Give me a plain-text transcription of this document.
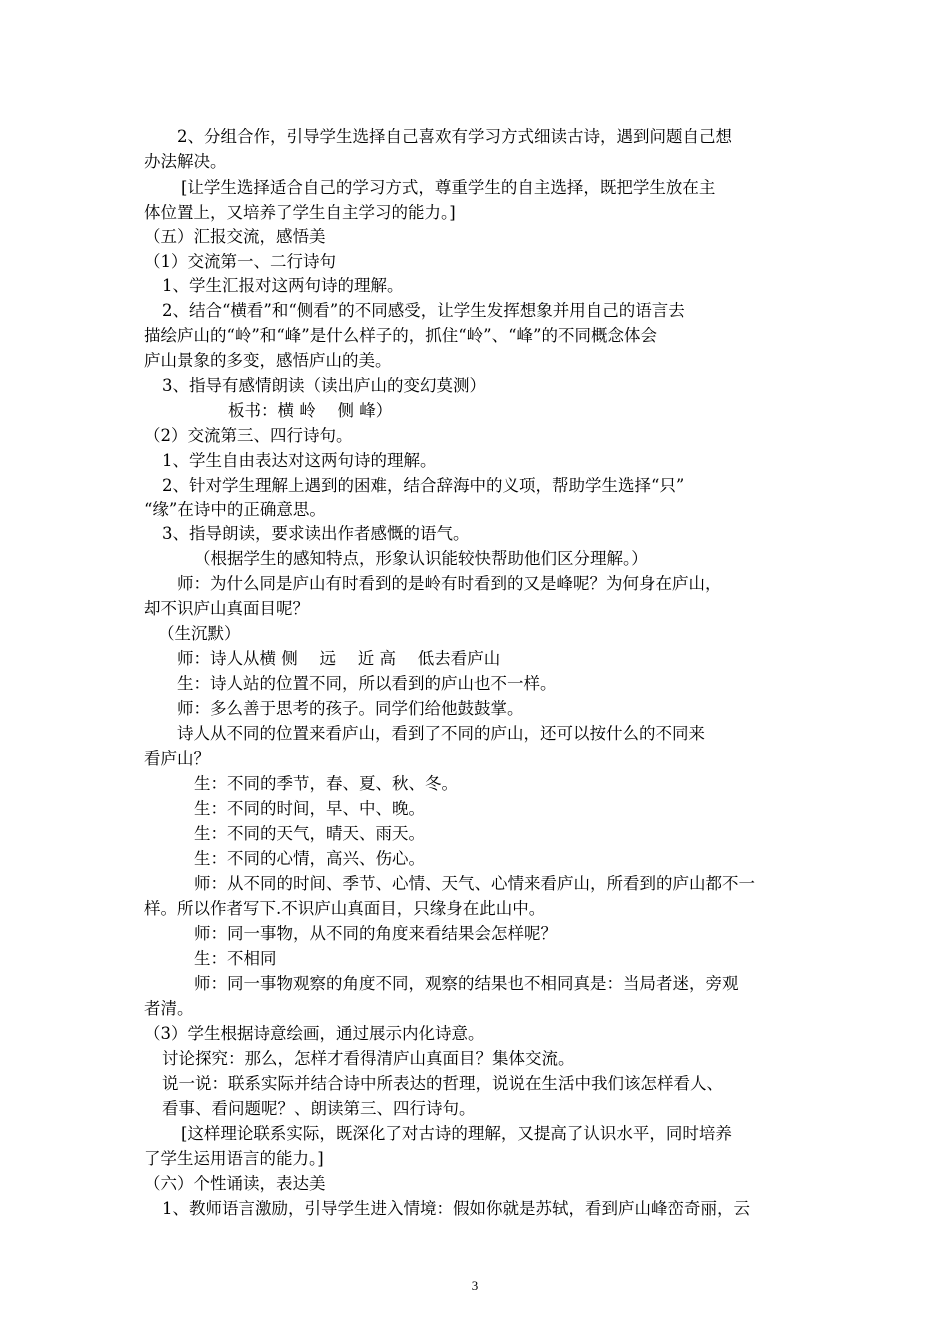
2、分组合作，引导学生选择自己喜欢有学习方式细读古诗，遇到问题自己想
办法解决。
[让学生选择适合自己的学习方式，尊重学生的自主选择，既把学生放在主
体位置上，又培养了学生自主学习的能力。]
（五）汇报交流，感悟美
（1）交流第一、二行诗句
1、学生汇报对这两句诗的理解。
2、结合“横看”和“侧看”的不同感受，让学生发挥想象并用自己的语言去
描绘庐山的“岭”和“峰”是什么样子的，抓住“岭”、“峰”的不同概念体会
庐山景象的多变，感悟庐山的美。
3、指导有感情朗读（读出庐山的变幻莫测）
板书：横 岭　 侧 峰）
（2）交流第三、四行诗句。
1、学生自由表达对这两句诗的理解。
2、针对学生理解上遇到的困难，结合辞海中的义项，帮助学生选择“只”
“缘”在诗中的正确意思。
3、指导朗读，要求读出作者感慨的语气。
（根据学生的感知特点，形象认识能较快帮助他们区分理解。）
师：为什么同是庐山有时看到的是岭有时看到的又是峰呢？为何身在庐山，
却不识庐山真面目呢？
（生沉默）
师：诗人从横 侧　 远　 近 高　 低去看庐山
生：诗人站的位置不同，所以看到的庐山也不一样。
师：多么善于思考的孩子。同学们给他鼓鼓掌。
诗人从不同的位置来看庐山，看到了不同的庐山，还可以按什么的不同来
看庐山？
生：不同的季节，春、夏、秋、冬。
生：不同的时间，早、中、晚。
生：不同的天气，晴天、雨天。
生：不同的心情，高兴、伤心。
师：从不同的时间、季节、心情、天气、心情来看庐山，所看到的庐山都不一
样。所以作者写下.不识庐山真面目，只缘身在此山中。
师：同一事物，从不同的角度来看结果会怎样呢？
生：不相同
师：同一事物观察的角度不同，观察的结果也不相同真是：当局者迷，旁观
者清。
（3）学生根据诗意绘画，通过展示内化诗意。
讨论探究：那么，怎样才看得清庐山真面目？集体交流。
说一说：联系实际并结合诗中所表达的哲理，说说在生活中我们该怎样看人、
看事、看问题呢？、朗读第三、四行诗句。
[这样理论联系实际，既深化了对古诗的理解，又提高了认识水平，同时培养
了学生运用语言的能力。]
（六）个性诵读，表达美
1、教师语言激励，引导学生进入情境：假如你就是苏轼，看到庐山峰峦奇丽，云
3
